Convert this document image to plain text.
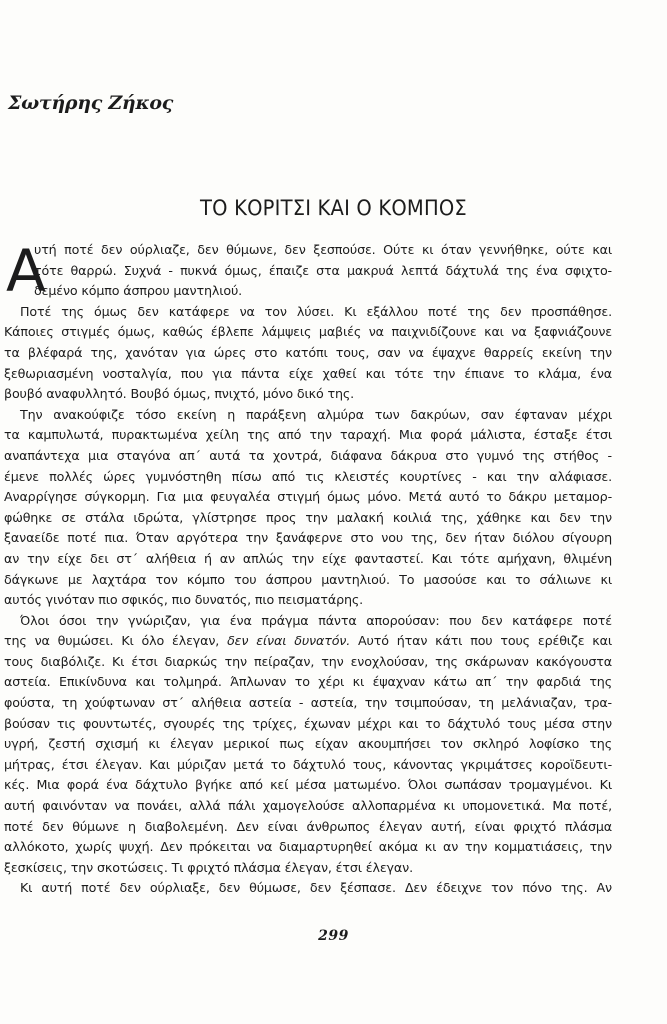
Σωτήρης Ζήκος
ΤΟ ΚΟΡΙΤΣΙ ΚΑΙ Ο ΚΟΜΠΟΣ
Α
υτή ποτέ δεν ούρλιαζε, δεν θύμωνε, δεν ξεσπούσε. Ούτε κι όταν γεννήθηκε, ούτε και
τότε θαρρώ. Συχνά - πυκνά όμως, έπαιζε στα μακρυά λεπτά δάχτυλά της ένα σφιχτο-
δεμένο κόμπο άσπρου μαντηλιού.
Ποτέ της όμως δεν κατάφερε να τον λύσει. Κι εξάλλου ποτέ της δεν προσπάθησε.
Κάποιες στιγμές όμως, καθώς έβλεπε λάμψεις μαβιές να παιχνιδίζουνε και να ξαφνιάζουνε
τα βλέφαρά της, χανόταν για ώρες στο κατόπι τους, σαν να έψαχνε θαρρείς εκείνη την
ξεθωριασμένη νοσταλγία, που για πάντα είχε χαθεί και τότε την έπιανε το κλάμα, ένα
βουβό αναφυλλητό. Βουβό όμως, πνιχτό, μόνο δικό της.
Την ανακούφιζε τόσο εκείνη η παράξενη αλμύρα των δακρύων, σαν έφταναν μέχρι
τα καμπυλωτά, πυρακτωμένα χείλη της από την ταραχή. Μια φορά μάλιστα, έσταξε έτσι
αναπάντεχα μια σταγόνα απ΄ αυτά τα χοντρά, διάφανα δάκρυα στο γυμνό της στήθος -
έμενε πολλές ώρες γυμνόστηθη πίσω από τις κλειστές κουρτίνες - και την αλάφιασε.
Αναρρίγησε σύγκορμη. Για μια φευγαλέα στιγμή όμως μόνο. Μετά αυτό το δάκρυ μεταμορ-
φώθηκε σε στάλα ιδρώτα, γλίστρησε προς την μαλακή κοιλιά της, χάθηκε και δεν την
ξαναείδε ποτέ πια. Όταν αργότερα την ξανάφερνε στο νου της, δεν ήταν διόλου σίγουρη
αν την είχε δει στ΄ αλήθεια ή αν απλώς την είχε φανταστεί. Και τότε αμήχανη, θλιμένη
δάγκωνε με λαχτάρα τον κόμπο του άσπρου μαντηλιού. Το μασούσε και το σάλιωνε κι
αυτός γινόταν πιο σφικός, πιο δυνατός, πιο πεισματάρης.
Όλοι όσοι την γνώριζαν, για ένα πράγμα πάντα απορούσαν: που δεν κατάφερε ποτέ
της να θυμώσει. Κι όλο έλεγαν, δεν είναι δυνατόν. Αυτό ήταν κάτι που τους ερέθιζε και
τους διαβόλιζε. Κι έτσι διαρκώς την πείραζαν, την ενοχλούσαν, της σκάρωναν κακόγουστα
αστεία. Επικίνδυνα και τολμηρά. Άπλωναν το χέρι κι έψαχναν κάτω απ΄ την φαρδιά της
φούστα, τη χούφτωναν στ΄ αλήθεια αστεία - αστεία, την τσιμπούσαν, τη μελάνιαζαν, τρα-
βούσαν τις φουντωτές, σγουρές της τρίχες, έχωναν μέχρι και το δάχτυλό τους μέσα στην
υγρή, ζεστή σχισμή κι έλεγαν μερικοί πως είχαν ακουμπήσει τον σκληρό λοφίσκο της
μήτρας, έτσι έλεγαν. Και μύριζαν μετά το δάχτυλό τους, κάνοντας γκριμάτσες κοροϊδευτι-
κές. Μια φορά ένα δάχτυλο βγήκε από κεί μέσα ματωμένο. Όλοι σωπάσαν τρομαγμένοι. Κι
αυτή φαινόνταν να πονάει, αλλά πάλι χαμογελούσε αλλοπαρμένα κι υπομονετικά. Μα ποτέ,
ποτέ δεν θύμωνε η διαβολεμένη. Δεν είναι άνθρωπος έλεγαν αυτή, είναι φριχτό πλάσμα
αλλόκοτο, χωρίς ψυχή. Δεν πρόκειται να διαμαρτυρηθεί ακόμα κι αν την κομματιάσεις, την
ξεσκίσεις, την σκοτώσεις. Τι φριχτό πλάσμα έλεγαν, έτσι έλεγαν.
Κι αυτή ποτέ δεν ούρλιαξε, δεν θύμωσε, δεν ξέσπασε. Δεν έδειχνε τον πόνο της. Αν
299
